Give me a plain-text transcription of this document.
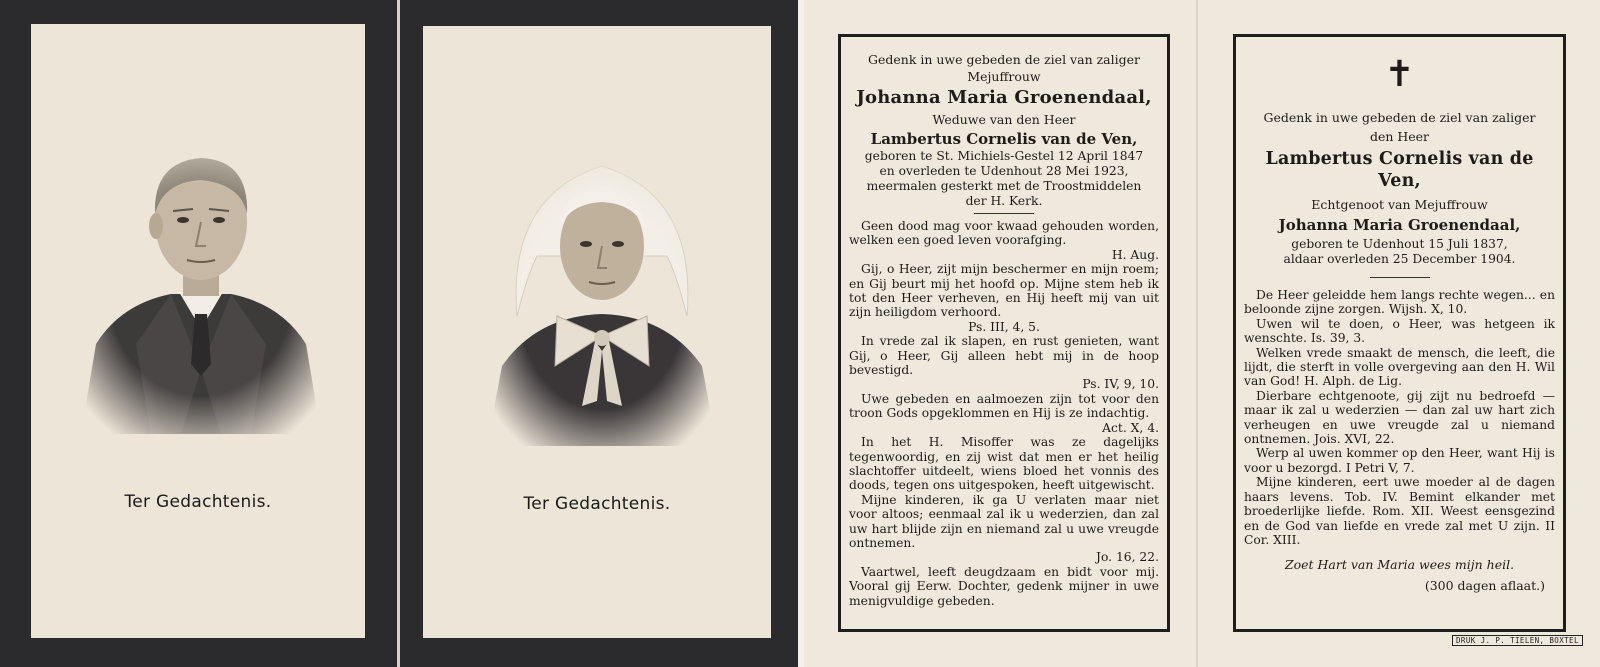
Ter Gedachtenis.	Ter Gedachtenis.
Gedenk in uwe gebeden de ziel van zaliger
Mejuffrouw
Johanna Maria Groenendaal,
Weduwe van den Heer
Lambertus Cornelis van de Ven,
geboren te St. Michiels-Gestel 12 April 1847
en overleden te Udenhout 28 Mei 1923,
meermalen gesterkt met de Troostmiddelen
der H. Kerk.

Geen dood mag voor kwaad gehouden worden, welken een goed leven voorafging.

H. Aug.

Gij, o Heer, zijt mijn beschermer en mijn roem; en Gij beurt mij het hoofd op. Mijne stem heb ik tot den Heer verheven, en Hij heeft mij van uit zijn heiligdom verhoord.

Ps. III, 4, 5.

In vrede zal ik slapen, en rust genieten, want Gij, o Heer, Gij alleen hebt mij in de hoop bevestigd.

Ps. IV, 9, 10.

Uwe gebeden en aalmoezen zijn tot voor den troon Gods opgeklommen en Hij is ze indachtig.

Act. X, 4.

In het H. Misoffer was ze dagelijks tegenwoordig, en zij wist dat men er het heilig slachtoffer uitdeelt, wiens bloed het vonnis des doods, tegen ons uitgespoken, heeft uitgewischt.

Mijne kinderen, ik ga U verlaten maar niet voor altoos; eenmaal zal ik u wederzien, dan zal uw hart blijde zijn en niemand zal u uwe vreugde ontnemen.

Jo. 16, 22.

Vaartwel, leeft deugdzaam en bidt voor mij. Vooral gij Eerw. Dochter, gedenk mijner in uwe menigvuldige gebeden.

✝
Gedenk in uwe gebeden de ziel van zaliger
den Heer
Lambertus Cornelis van de Ven,
Echtgenoot van Mejuffrouw
Johanna Maria Groenendaal,
geboren te Udenhout 15 Juli 1837,
aldaar overleden 25 December 1904.

De Heer geleidde hem langs rechte wegen... en beloonde zijne zorgen. Wijsh. X, 10.

Uwen wil te doen, o Heer, was hetgeen ik wenschte. Is. 39, 3.

Welken vrede smaakt de mensch, die leeft, die lijdt, die sterft in volle overgeving aan den H. Wil van God! H. Alph. de Lig.

Dierbare echtgenoote, gij zijt nu bedroefd — maar ik zal u wederzien — dan zal uw hart zich verheugen en uwe vreugde zal u niemand ontnemen. Jois. XVI, 22.

Werp al uwen kommer op den Heer, want Hij is voor u bezorgd. I Petri V, 7.

Mijne kinderen, eert uwe moeder al de dagen haars levens. Tob. IV. Bemint elkander met broederlijke liefde. Rom. XII. Weest eensgezind en de God van liefde en vrede zal met U zijn. II Cor. XIII.

Zoet Hart van Maria wees mijn heil.
(300 dagen aflaat.)
DRUK J. P. TIELEN, BOXTEL
